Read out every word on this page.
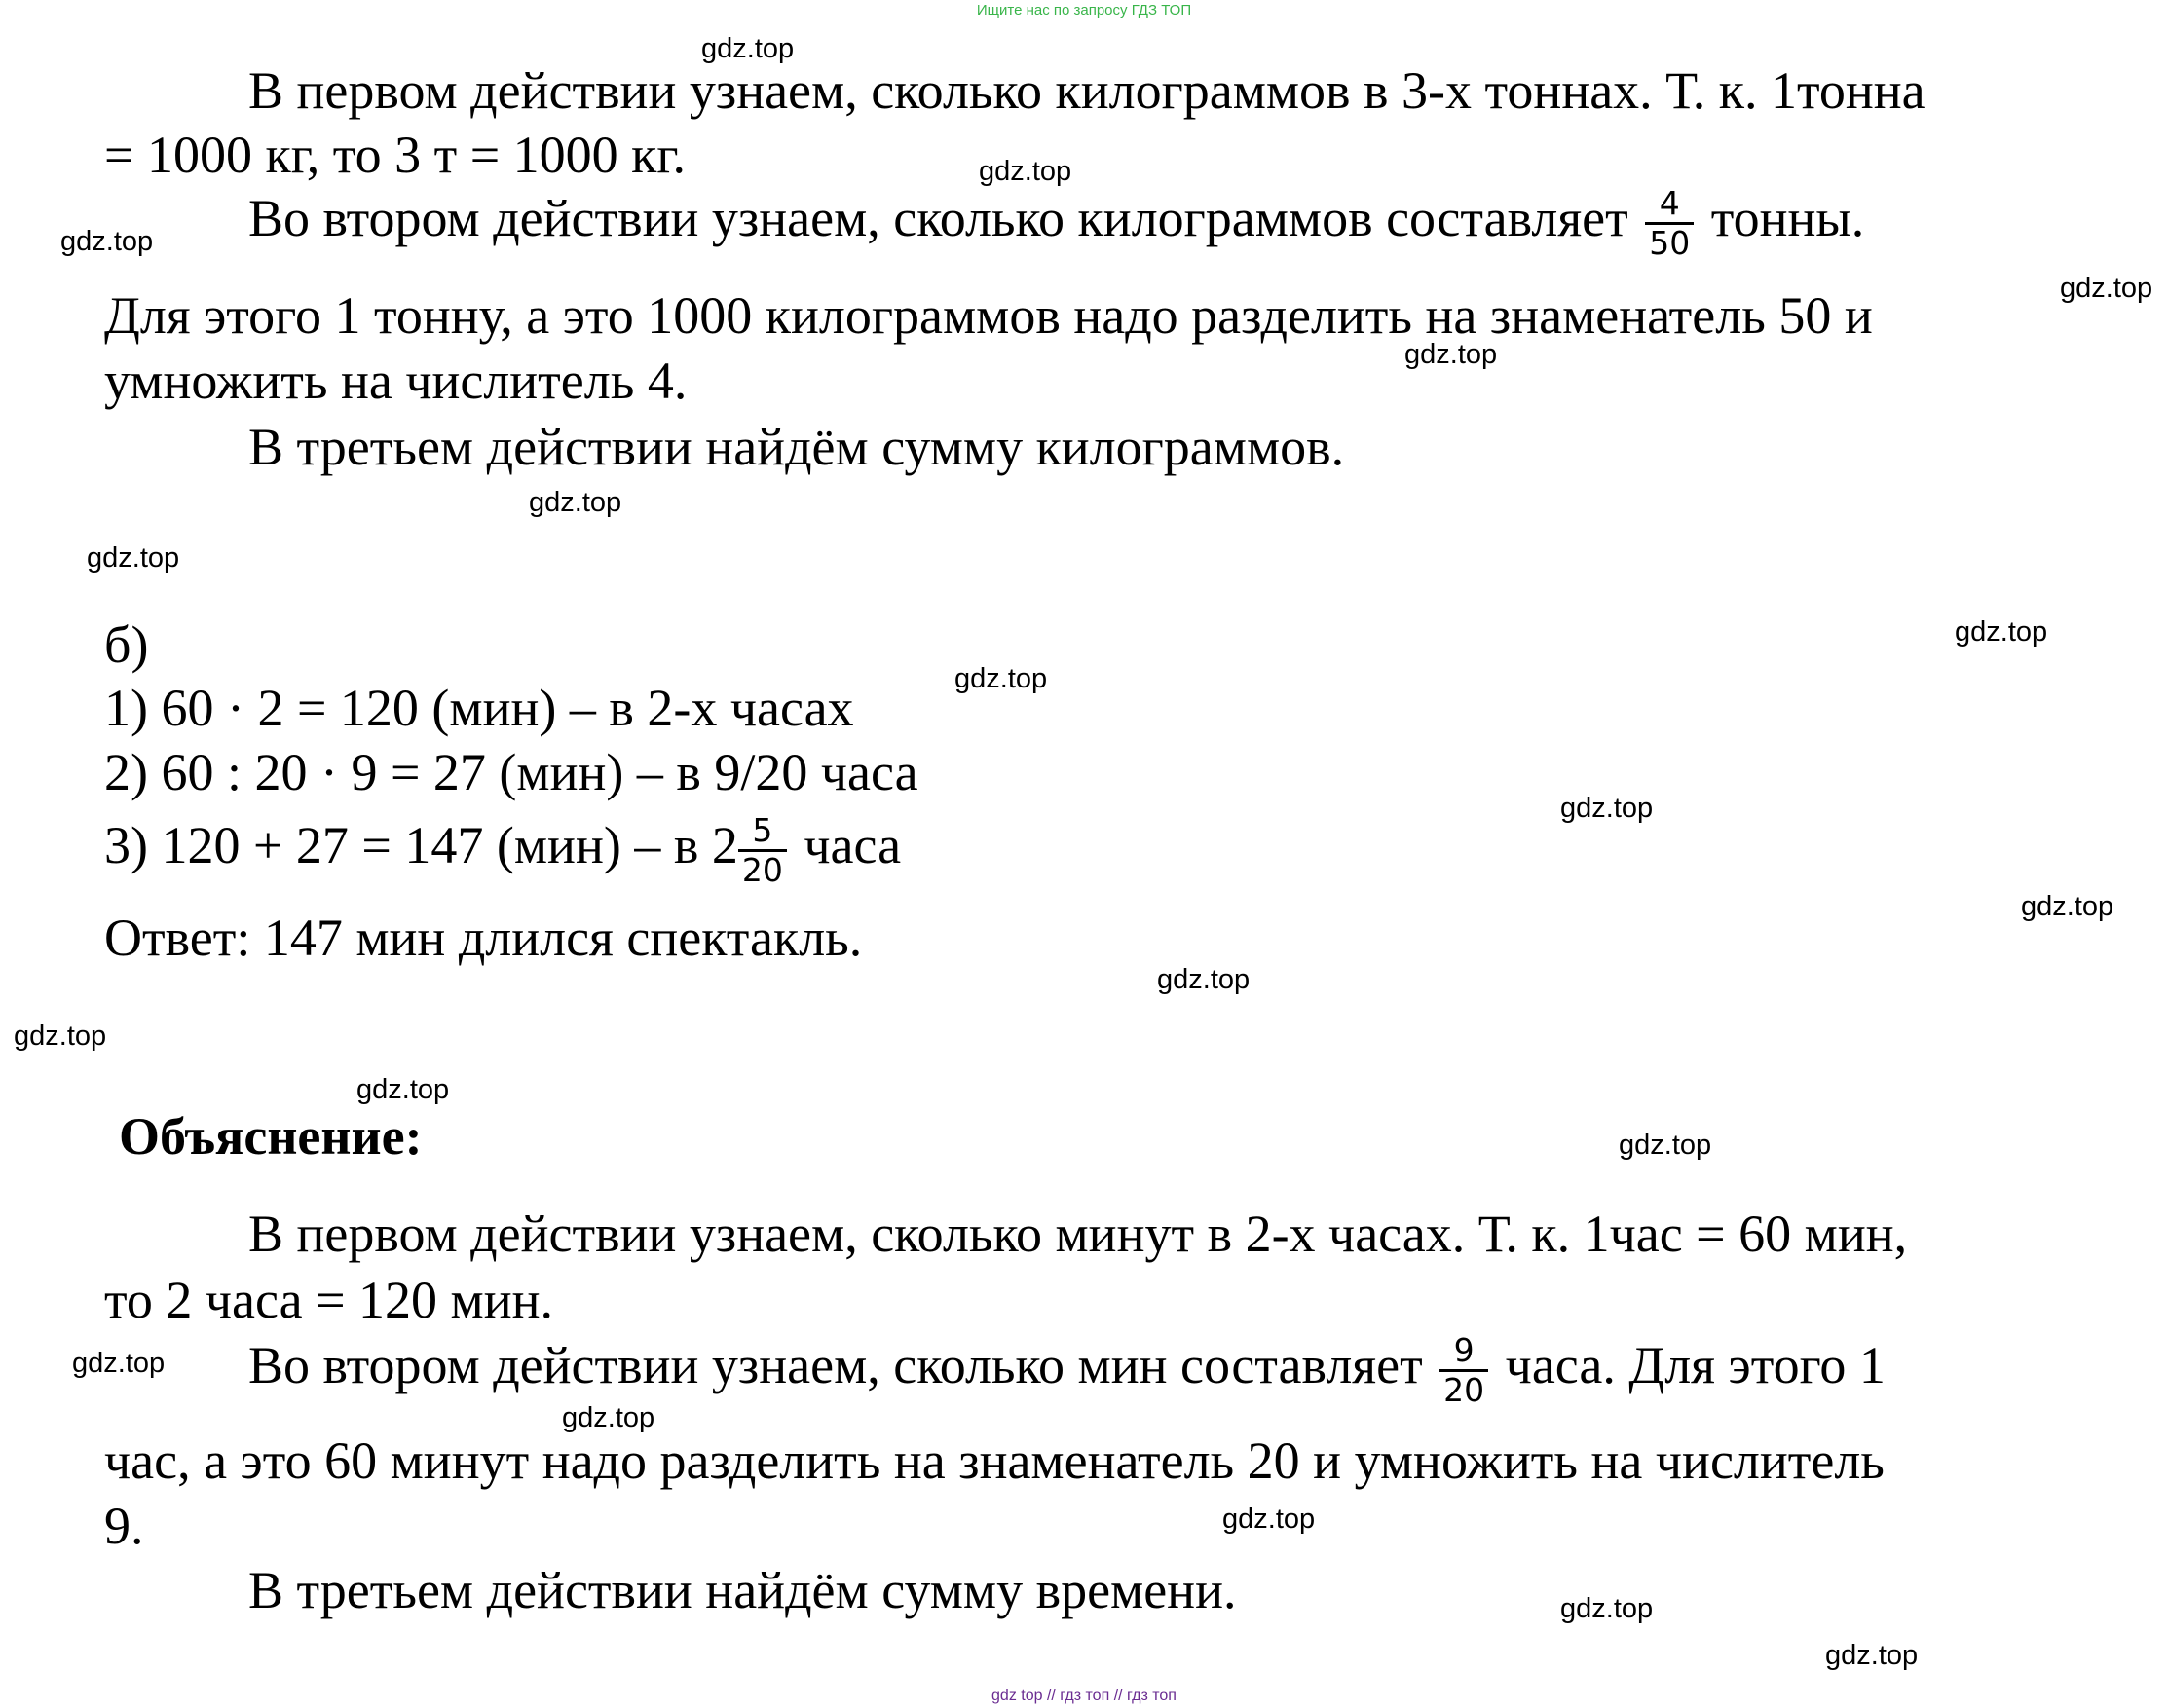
Ищите нас по запросу ГДЗ ТОП
В первом действии узнаем, сколько килограммов в 3-х тоннах. Т. к. 1тонна
= 1000 кг, то 3 т = 1000 кг.
Во втором действии узнаем, сколько килограммов составляет $\frac{4}{50}$ тонны.
Для этого 1 тонну, а это 1000 килограммов надо разделить на знаменатель 50 и
умножить на числитель 4.
В третьем действии найдём сумму килограммов.
б)
1) 60 · 2 = 120 (мин) – в 2-х часах
2) 60 : 20 · 9 = 27 (мин) – в 9/20 часа
3) 120 + 27 = 147 (мин) – в $2 \frac{5}{20}$ часа
Ответ: 147 мин длился спектакль.
Объяснение:
В первом действии узнаем, сколько минут в 2-х часах. Т. к. 1час = 60 мин,
то 2 часа = 120 мин.
Во втором действии узнаем, сколько мин составляет $\frac{9}{20}$ часа. Для этого 1
час, а это 60 минут надо разделить на знаменатель 20 и умножить на числитель
9.
В третьем действии найдём сумму времени.
gdz.top
gdz.top
gdz.top
gdz.top
gdz.top
gdz.top
gdz.top
gdz.top
gdz.top
gdz.top
gdz.top
gdz.top
gdz.top
gdz.top
gdz.top
gdz.top
gdz.top
gdz.top
gdz.top
gdz.top
gdz top // гдз топ // гдз топ
